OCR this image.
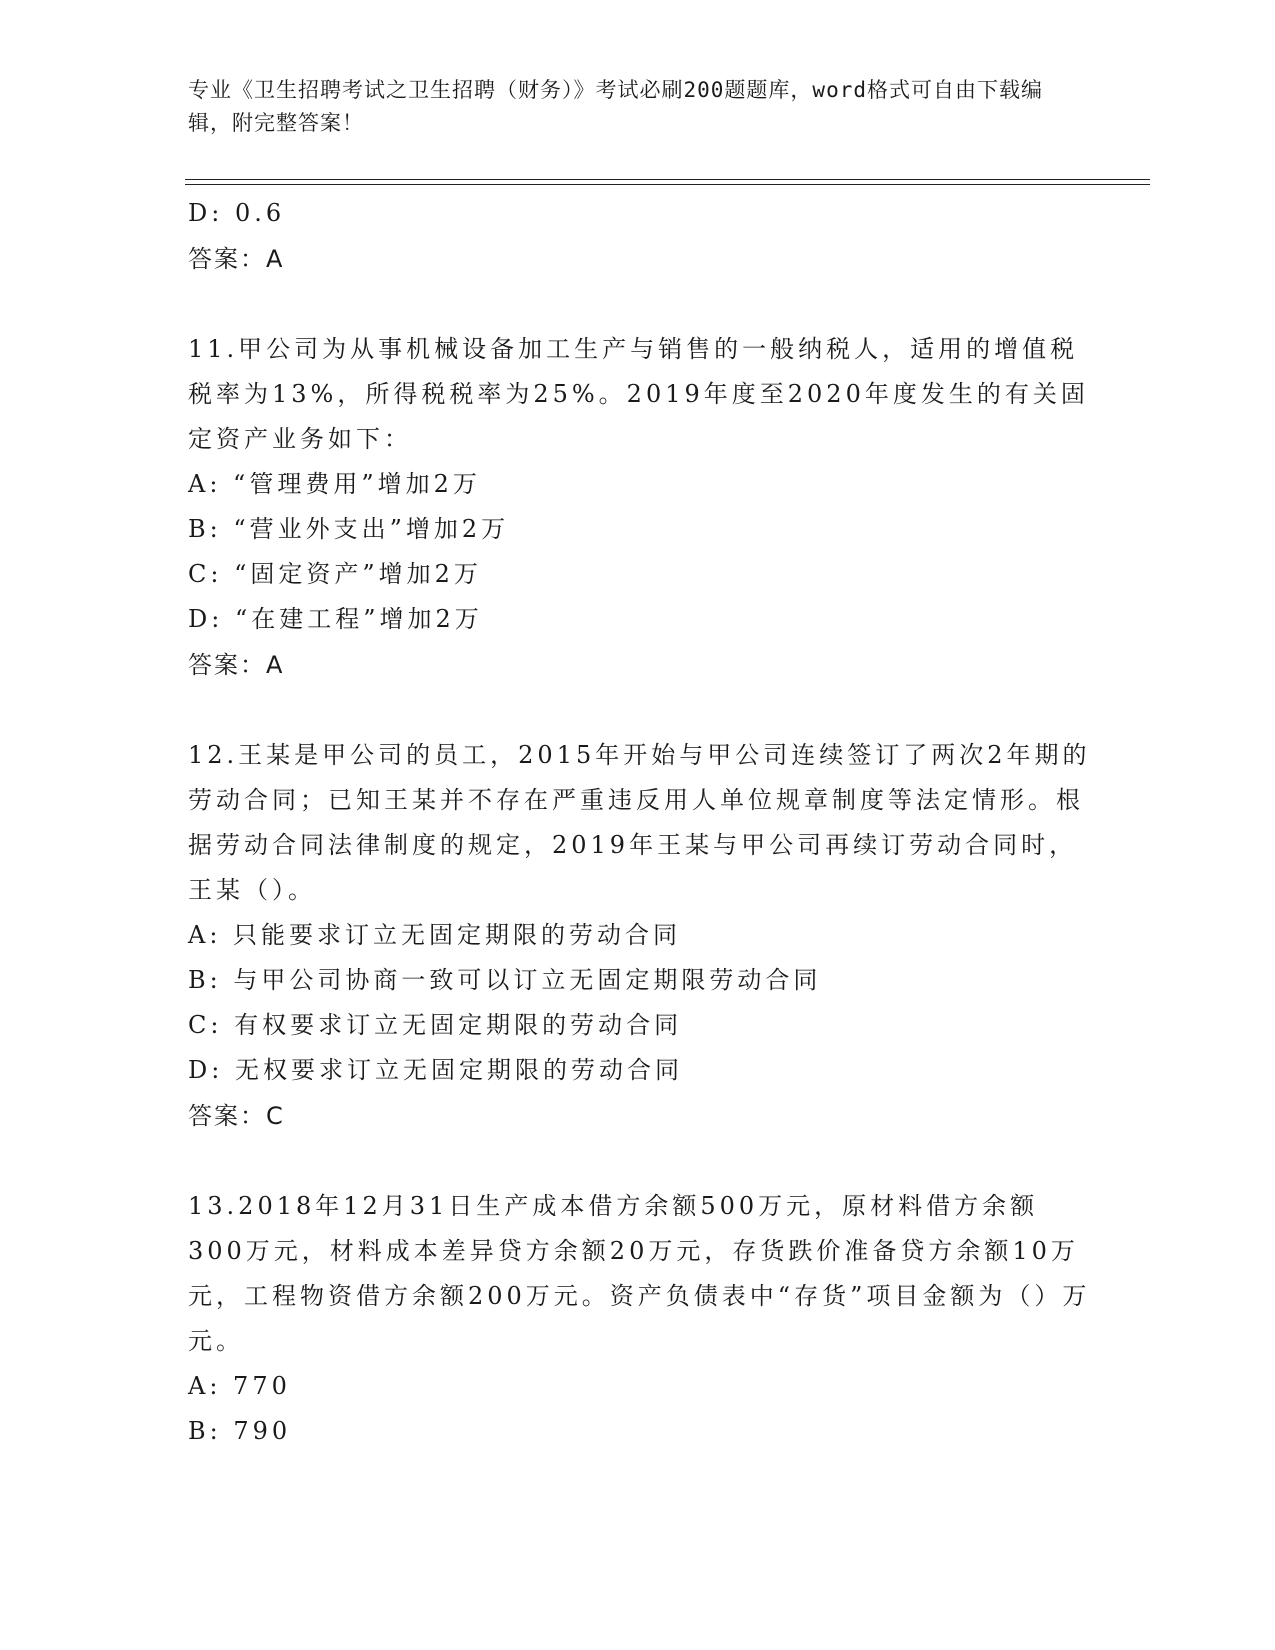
专业《卫生招聘考试之卫生招聘（财务）》考试必刷200题题库，word格式可自由下载编辑，附完整答案！

D: 0.6

答案：A

11.甲公司为从事机械设备加工生产与销售的一般纳税人，适用的增值税税率为13%，所得税税率为25%。2019年度至2020年度发生的有关固定资产业务如下：

A: “管理费用”增加2万

B: “营业外支出”增加2万

C: “固定资产”增加2万

D: “在建工程”增加2万

答案：A

12.王某是甲公司的员工，2015年开始与甲公司连续签订了两次2年期的劳动合同；已知王某并不存在严重违反用人单位规章制度等法定情形。根据劳动合同法律制度的规定，2019年王某与甲公司再续订劳动合同时，王某（）。

A: 只能要求订立无固定期限的劳动合同

B: 与甲公司协商一致可以订立无固定期限劳动合同

C: 有权要求订立无固定期限的劳动合同

D: 无权要求订立无固定期限的劳动合同

答案：C

13.2018年12月31日生产成本借方余额500万元，原材料借方余额300万元，材料成本差异贷方余额20万元，存货跌价准备贷方余额10万元，工程物资借方余额200万元。资产负债表中“存货”项目金额为（）万元。

A: 770

B: 790
